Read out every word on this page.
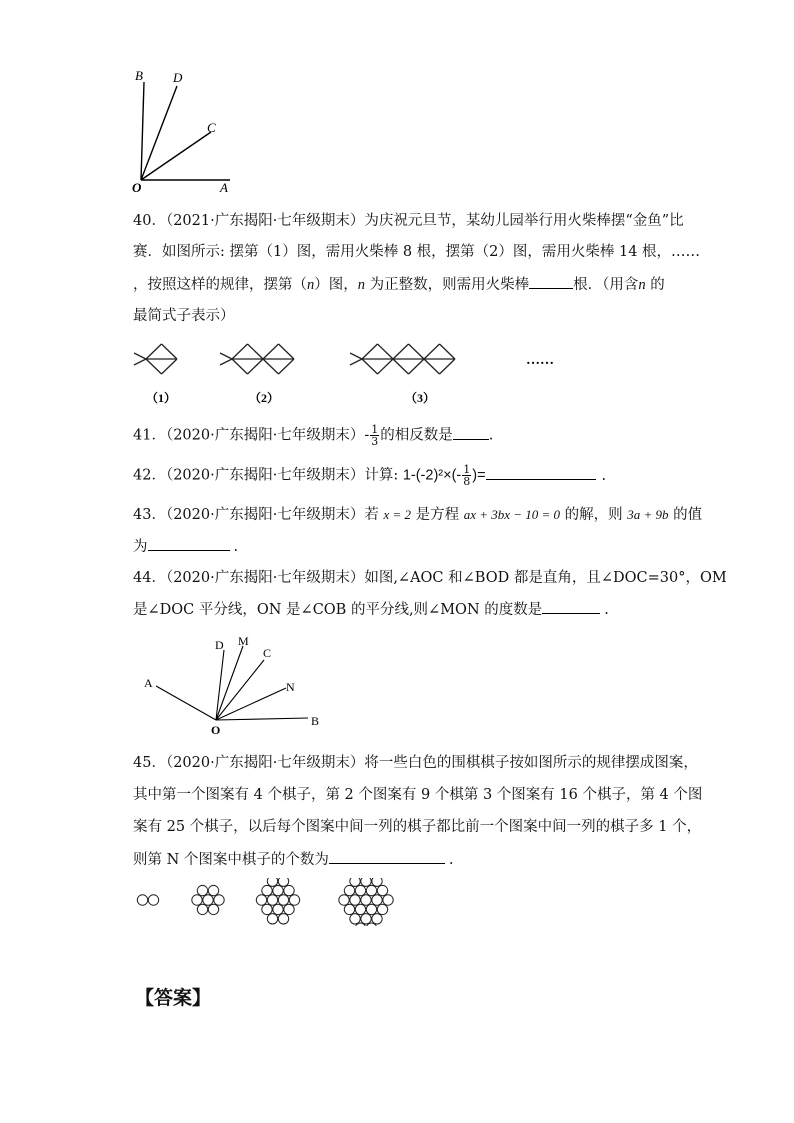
B D
C
O	A
40．（2021·广东揭阳·七年级期末）为庆祝元旦节，某幼儿园举行用火柴棒摆“金鱼”比
赛．如图所示: 摆第（1）图，需用火柴棒 8 根，摆第（2）图，需用火柴棒 14 根，……
，按照这样的规律，摆第（n）图，n 为正整数，则需用火柴棒	根．（用含n 的
最简式子表示）
（1）	（2）	（3）
……
41．（2020·广东揭阳·七年级期末）- $\frac{1}{3}$ 的相反数是 .
42．（2020·广东揭阳·七年级期末）计算: $1-(-2)^2\times(- \frac{1}{8}$ )=	.
43．（2020·广东揭阳·七年级期末）若 x = 2 是方程 ax + 3bx − 10 = 0 的解，则 3a + 9b 的值
为	.
44．（2020·广东揭阳·七年级期末）如图,∠AOC 和∠BOD 都是直角，且∠DOC=30°，OM
是∠DOC 平分线，ON 是∠COB 的平分线,则∠MON 的度数是	.
D M
C
N
A
O
B
45．（2020·广东揭阳·七年级期末）将一些白色的围棋棋子按如图所示的规律摆成图案，
其中第一个图案有 4 个棋子，第 2 个图案有 9 个棋第 3 个图案有 16 个棋子，第 4 个图
案有 25 个棋子，以后每个图案中间一列的棋子都比前一个图案中间一列的棋子多 1 个，
则第 N 个图案中棋子的个数为	.
【答案】
